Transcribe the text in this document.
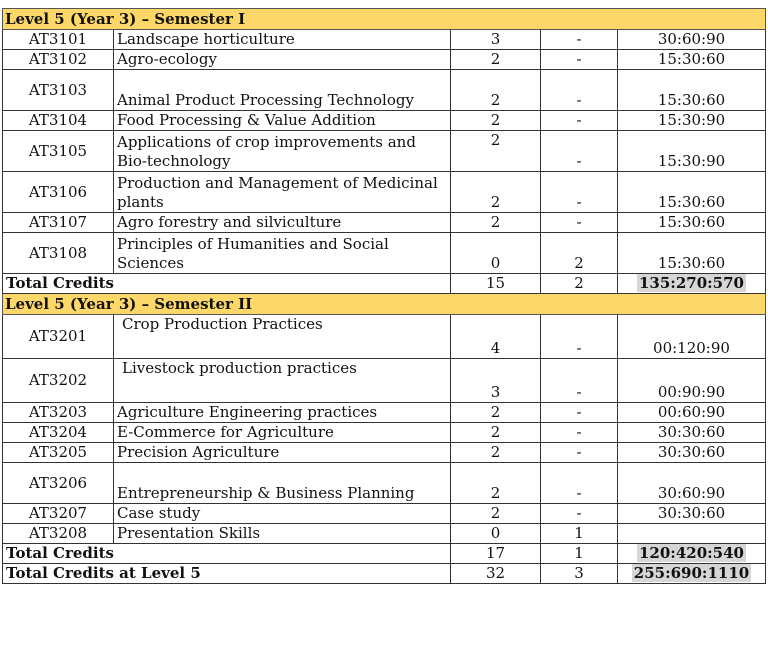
Level 5 (Year 3) – Semester I				
AT3101	Landscape horticulture	3	-	30:60:90
AT3102	Agro-ecology	2	-	15:30:60
AT3103	Animal Product Processing Technology	2	-	15:30:60
AT3104	Food Processing & Value Addition	2	-	15:30:90
AT3105	Applications of crop improvements and Bio-technology	2	-	15:30:90
AT3106	Production and Management of Medicinal plants	2	-	15:30:60
AT3107	Agro forestry and silviculture	2	-	15:30:60
AT3108	Principles of Humanities and Social Sciences	0	2	15:30:60
Total Credits		15	2	135:270:570
Level 5 (Year 3) – Semester II				
AT3201	Crop Production Practices	4	-	00:120:90
AT3202	Livestock production practices	3	-	00:90:90
AT3203	Agriculture Engineering practices	2	-	00:60:90
AT3204	E-Commerce for Agriculture	2	-	30:30:60
AT3205	Precision Agriculture	2	-	30:30:60
AT3206	Entrepreneurship & Business Planning	2	-	30:60:90
AT3207	Case study	2	-	30:30:60
AT3208	Presentation Skills	0	1	
Total Credits		17	1	120:420:540
Total Credits at Level 5		32	3	255:690:1110
